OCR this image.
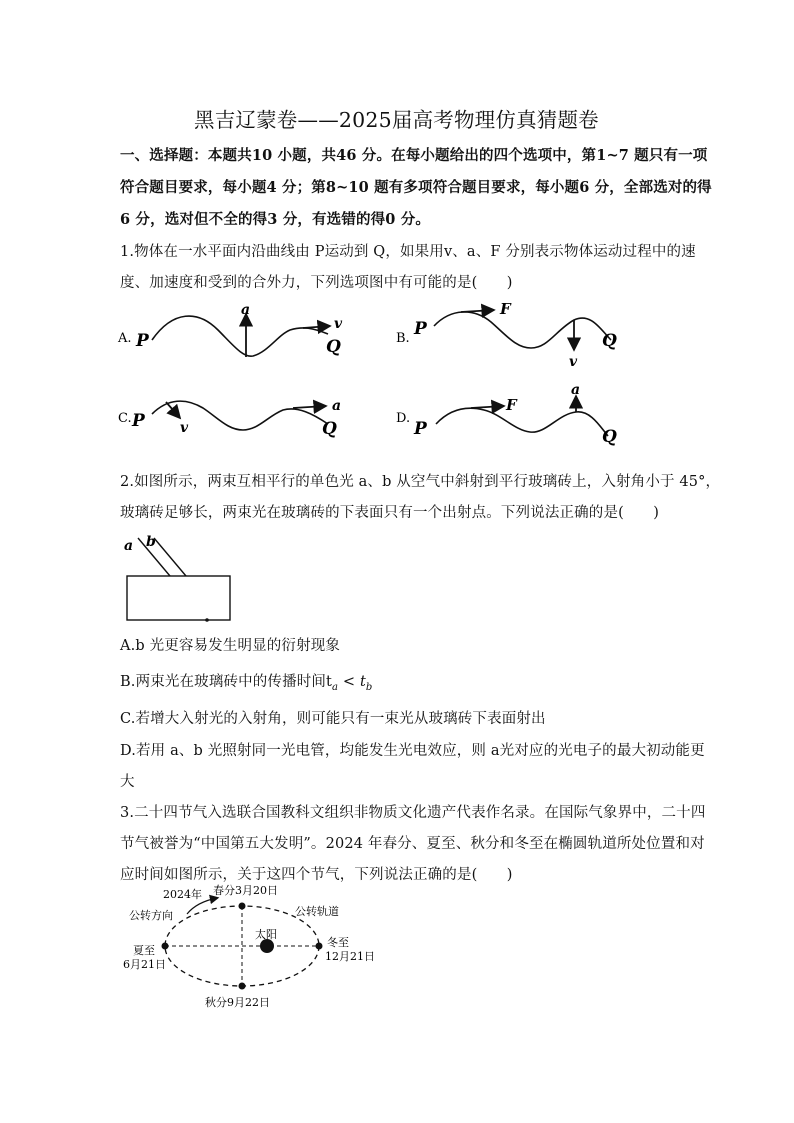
黑吉辽蒙卷——2025届高考物理仿真猜题卷
一、选择题：本题共10 小题，共46 分。在每小题给出的四个选项中，第1~7 题只有一项
符合题目要求，每小题4 分；第8~10 题有多项符合题目要求，每小题6 分，全部选对的得
6 分，选对但不全的得3 分，有选错的得0 分。
1.物体在一水平面内沿曲线由 P运动到 Q，如果用v、a、F 分别表示物体运动过程中的速
度、加速度和受到的合外力，下列选项图中有可能的是(　　)
A. P
a
v
Q	B. P
F
v
Q
C. P	v
a
Q
D.
P
F
a
Q
2.如图所示，两束互相平行的单色光 a、b 从空气中斜射到平行玻璃砖上，入射角小于 45°，
玻璃砖足够长，两束光在玻璃砖的下表面只有一个出射点。下列说法正确的是(　　)
a b
A.b 光更容易发生明显的衍射现象
B.两束光在玻璃砖中的传播时间$t_a < t_b$
C.若增大入射光的入射角，则可能只有一束光从玻璃砖下表面射出
D.若用 a、b 光照射同一光电管，均能发生光电效应，则 a光对应的光电子的最大初动能更
大
3.二十四节气入选联合国教科文组织非物质文化遗产代表作名录。在国际气象界中，二十四
节气被誉为“中国第五大发明”。2024 年春分、夏至、秋分和冬至在椭圆轨道所处位置和对
应时间如图所示，关于这四个节气，下列说法正确的是(　　)
2024年 春分3月20日
公转方向	公转轨道
太阳
夏至
6月21日
冬至
12月21日
秋分9月22日
